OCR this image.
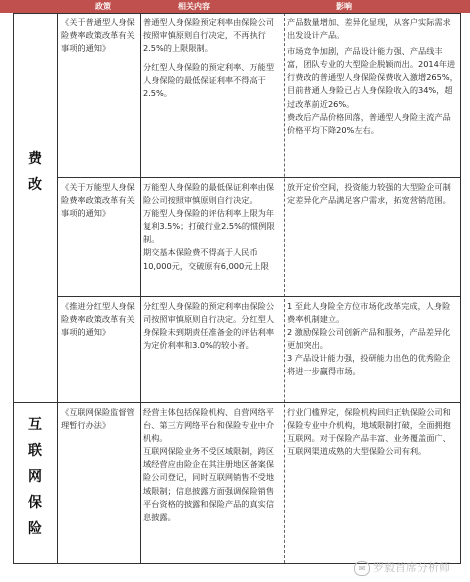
政策	相关内容	影响
费
改
互
联
网
保
险

《关于普通型人身保险费率政策改革有关事项的通知》

普通型人身保险预定利率由保险公司按照审慎原则自行决定，不再执行2.5%的上限限制。

分红型人身保险的预定利率、万能型人身保险的最低保证利率不得高于2.5%。

产品数量增加、差异化显现，从客户实际需求出发设计产品。

市场竞争加剧，产品设计能力强、产品线丰富，团队专业的大型险企脱颖而出。2014年进行费改的普通型人身保险保费收入激增265%，目前普通人身险已占人身保险收入的34%，超过改革前近26%。

费改后产品价格回落，普通型人身险主流产品价格平均下降20%左右。

《关于万能型人身保险费率政策改革有关事项的通知》

万能型人身保险的最低保证利率由保险公司按照审慎原则自行决定。

万能型人身保险的评估利率上限为年复利3.5%；打破行业2.5%的惯例限制。

期交基本保险费不得高于人民币10,000元，交破原有6,000元上限

放开定价空间，投资能力较强的大型险企可制定差异化产品满足客户需求，拓宽营销范围。

《推进分红型人身保险费率政策改革有关事项的通知》

分红型人身保险的预定利率由保险公司按照审慎原则自行决定。分红型人身保险未到期责任准备金的评估利率为定价利率和3.0%的较小者。

1 至此人身险全方位市场化改革完成，人身险费率机制建立。

2 激励保险公司创新产品和服务，产品差异化更加突出。

3 产品设计能力强，投研能力出色的优秀险企将进一步赢得市场。

《互联网保险监督管理暂行办法》

经营主体包括保险机构、自营网络平台、第三方网络平台和保险专业中介机构。

互联网保险业务不受区域限制，跨区域经营应由险企在其注册地区备案保险公司登记，同时互联网销售不受地域限制；信息披露方面强调保险销售平台资格的披露和保险产品的真实信息披露。

行业门槛界定，保险机构回归正轨保险公司和保险专业中介机构，地域限制打破，全面拥抱互联网。对于保险产品丰富、业务覆盖面广、互联网渠道成熟的大型保险公司有利。

✉ 罗毅首席分析师
